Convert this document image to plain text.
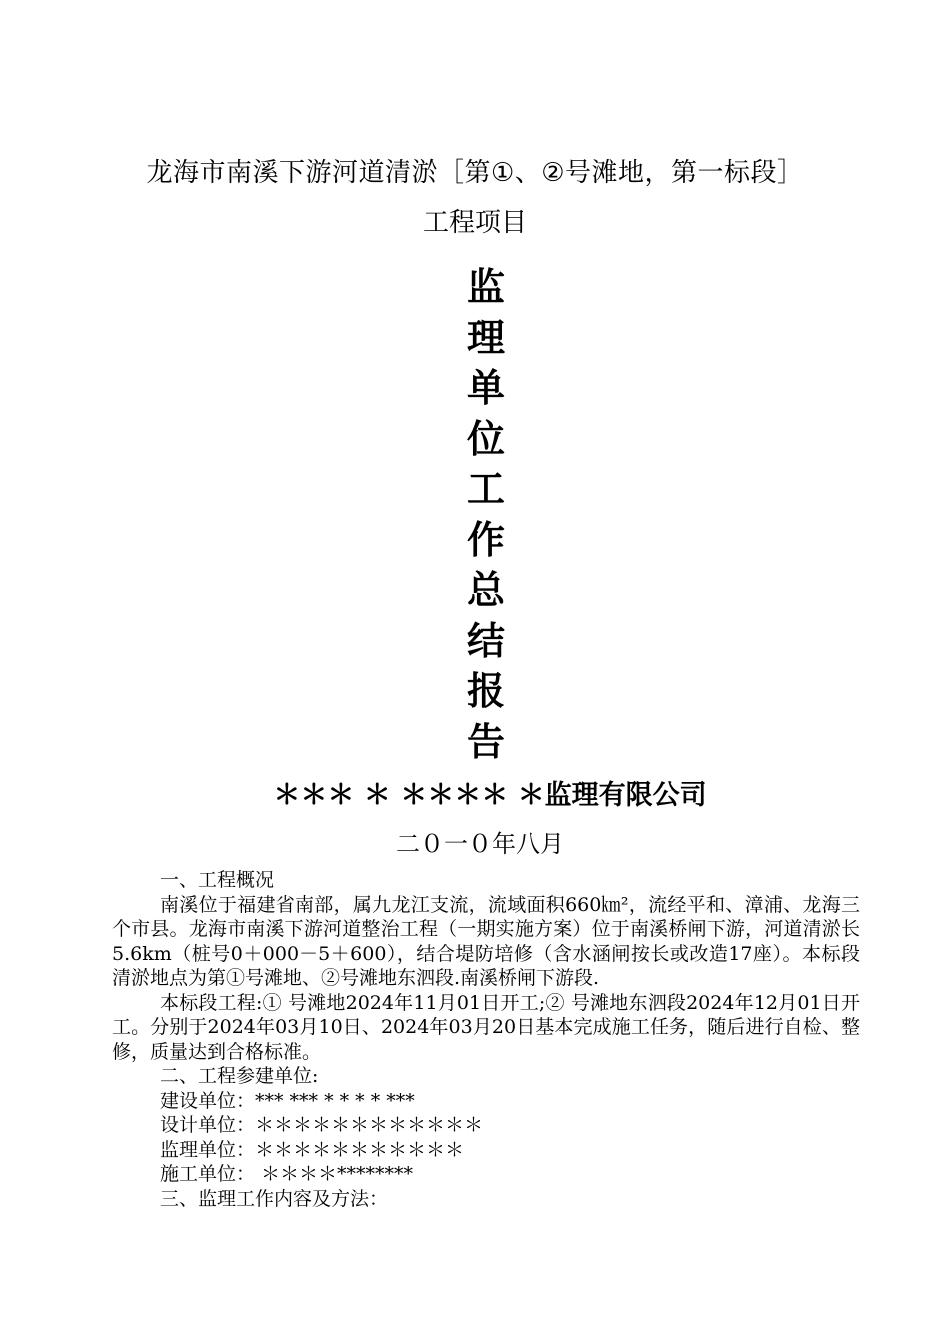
龙海市南溪下游河道清淤［第①、②号滩地，第一标段］
工程项目
监
理
单
位
工
作
总
结
报
告
＊＊＊ ＊ ＊＊＊＊ ＊监理有限公司
二０一０年八月

一、工程概况

南溪位于福建省南部，属九龙江支流，流域面积660㎞²，流经平和、漳浦、龙海三个市县。龙海市南溪下游河道整治工程（一期实施方案）位于南溪桥闸下游，河道清淤长5.6km（桩号0＋000－5＋600），结合堤防培修（含水涵闸按长或改造17座）。本标段清淤地点为第①号滩地、②号滩地东泗段.南溪桥闸下游段.

本标段工程:① 号滩地2024年11月01日开工;② 号滩地东泗段2024年12月01日开工。分别于2024年03月10日、2024年03月20日基本完成施工任务，随后进行自检、整修，质量达到合格标准。

二、工程参建单位:

建设单位：*** *** * * * * ***

设计单位：＊＊＊＊＊＊＊＊＊＊＊＊

监理单位：＊＊＊＊＊＊＊＊＊＊＊

施工单位： ＊＊＊＊********

三、监理工作内容及方法：
